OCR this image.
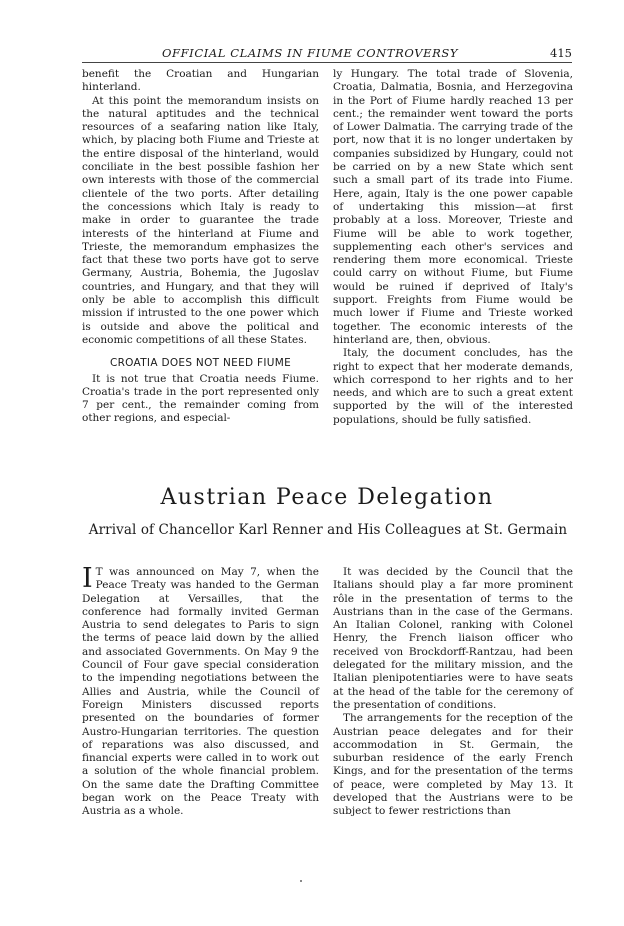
OFFICIAL CLAIMS IN FIUME CONTROVERSY	415

benefit the Croatian and Hungarian hinterland.

At this point the memorandum insists on the natural aptitudes and the technical resources of a seafaring nation like Italy, which, by placing both Fiume and Trieste at the entire disposal of the hinterland, would conciliate in the best possible fashion her own interests with those of the commercial clientele of the two ports. After detailing the concessions which Italy is ready to make in order to guarantee the trade interests of the hinterland at Fiume and Trieste, the memorandum emphasizes the fact that these two ports have got to serve Germany, Austria, Bohemia, the Jugoslav countries, and Hungary, and that they will only be able to accomplish this difficult mission if intrusted to the one power which is outside and above the political and economic competitions of all these States.

CROATIA DOES NOT NEED FIUME

It is not true that Croatia needs Fiume. Croatia's trade in the port represented only 7 per cent., the remainder coming from other regions, and especial-

ly Hungary. The total trade of Slovenia, Croatia, Dalmatia, Bosnia, and Herzegovina in the Port of Fiume hardly reached 13 per cent.; the remainder went toward the ports of Lower Dalmatia. The carrying trade of the port, now that it is no longer undertaken by companies subsidized by Hungary, could not be carried on by a new State which sent such a small part of its trade into Fiume. Here, again, Italy is the one power capable of undertaking this mission—at first probably at a loss. Moreover, Trieste and Fiume will be able to work together, supplementing each other's services and rendering them more economical. Trieste could carry on without Fiume, but Fiume would be ruined if deprived of Italy's support. Freights from Fiume would be much lower if Fiume and Trieste worked together. The economic interests of the hinterland are, then, obvious.

Italy, the document concludes, has the right to expect that her moderate demands, which correspond to her rights and to her needs, and which are to such a great extent supported by the will of the interested populations, should be fully satisfied.

Austrian Peace Delegation
Arrival of Chancellor Karl Renner and His Colleagues at St. Germain

I T was announced on May 7, when the Peace Treaty was handed to the German Delegation at Versailles, that the conference had formally invited German Austria to send delegates to Paris to sign the terms of peace laid down by the allied and associated Governments. On May 9 the Council of Four gave special consideration to the impending negotiations between the Allies and Austria, while the Council of Foreign Ministers discussed reports presented on the boundaries of former Austro-Hungarian territories. The question of reparations was also discussed, and financial experts were called in to work out a solution of the whole financial problem. On the same date the Drafting Committee began work on the Peace Treaty with Austria as a whole.

It was decided by the Council that the Italians should play a far more prominent rôle in the presentation of terms to the Austrians than in the case of the Germans. An Italian Colonel, ranking with Colonel Henry, the French liaison officer who received von Brockdorff-Rantzau, had been delegated for the military mission, and the Italian plenipotentiaries were to have seats at the head of the table for the ceremony of the presentation of conditions.

The arrangements for the reception of the Austrian peace delegates and for their accommodation in St. Germain, the suburban residence of the early French Kings, and for the presentation of the terms of peace, were completed by May 13. It developed that the Austrians were to be subject to fewer restrictions than
